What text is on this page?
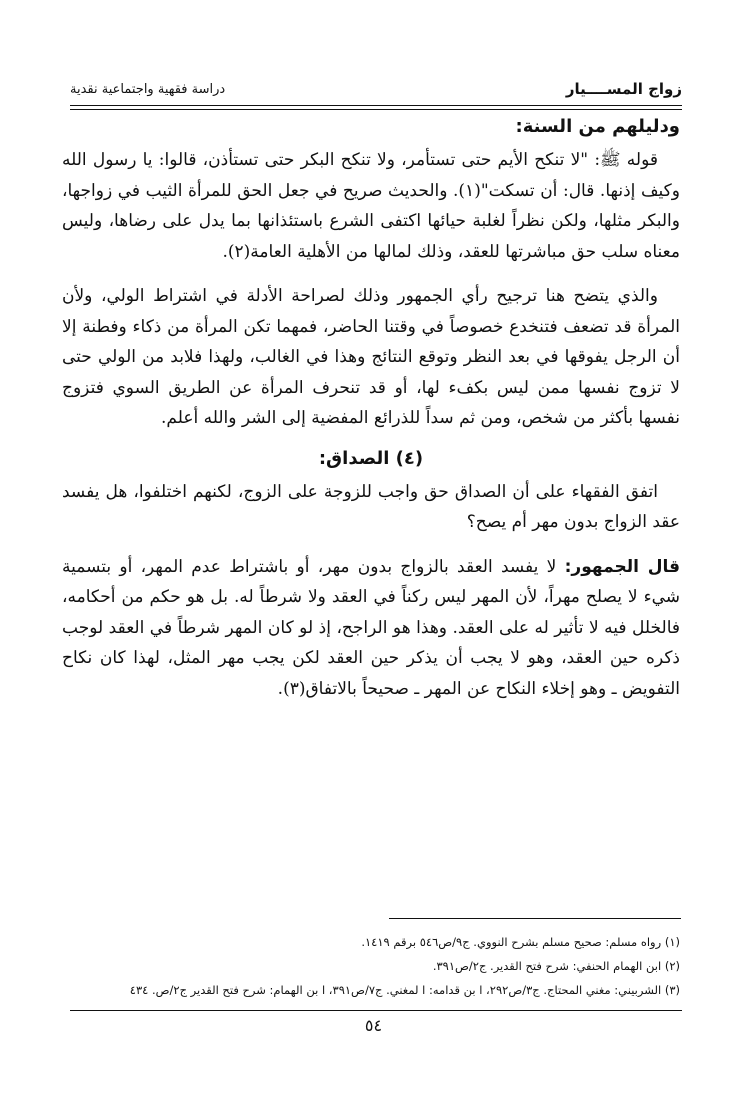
زواج المســــيار
دراسة فقهية واجتماعية نقدية
ودليلهم من السنة:

قوله ﷺ: "لا تنكح الأيم حتى تستأمر، ولا تنكح البكر حتى تستأذن، قالوا: يا رسول الله وكيف إذنها. قال: أن تسكت"(١). والحديث صريح في جعل الحق للمرأة الثيب في زواجها، والبكر مثلها، ولكن نظراً لغلبة حيائها اكتفى الشرع باستئذانها بما يدل على رضاها، وليس معناه سلب حق مباشرتها للعقد، وذلك لمالها من الأهلية العامة(٢).

والذي يتضح هنا ترجيح رأي الجمهور وذلك لصراحة الأدلة في اشتراط الولي، ولأن المرأة قد تضعف فتنخدع خصوصاً في وقتنا الحاضر، فمهما تكن المرأة من ذكاء وفطنة إلا أن الرجل يفوقها في بعد النظر وتوقع النتائج وهذا في الغالب، ولهذا فلابد من الولي حتى لا تزوج نفسها ممن ليس بكفء لها، أو قد تنحرف المرأة عن الطريق السوي فتزوج نفسها بأكثر من شخص، ومن ثم سداً للذرائع المفضية إلى الشر والله أعلم.

(٤) الصداق:

اتفق الفقهاء على أن الصداق حق واجب للزوجة على الزوج، لكنهم اختلفوا، هل يفسد عقد الزواج بدون مهر أم يصح؟

قال الجمهور: لا يفسد العقد بالزواج بدون مهر، أو باشتراط عدم المهر، أو بتسمية شيء لا يصلح مهراً، لأن المهر ليس ركناً في العقد ولا شرطاً له. بل هو حكم من أحكامه، فالخلل فيه لا تأثير له على العقد. وهذا هو الراجح، إذ لو كان المهر شرطاً في العقد لوجب ذكره حين العقد، وهو لا يجب أن يذكر حين العقد لكن يجب مهر المثل، لهذا كان نكاح التفويض ـ وهو إخلاء النكاح عن المهر ـ صحيحاً بالاتفاق(٣).

(١) رواه مسلم: صحيح مسلم بشرح النووي. ج٩/ص٥٤٦ برقم ١٤١٩.
(٢) ابن الهمام الحنفي: شرح فتح القدير. ج٢/ص٣٩١.
(٣) الشربيني: مغني المحتاج. ج٣/ص٢٩٢، ا بن قدامه: ا لمغني. ج٧/ص٣٩١، ا بن الهمام: شرح فتح القدير ج٢/ص. ٤٣٤
٥٤
